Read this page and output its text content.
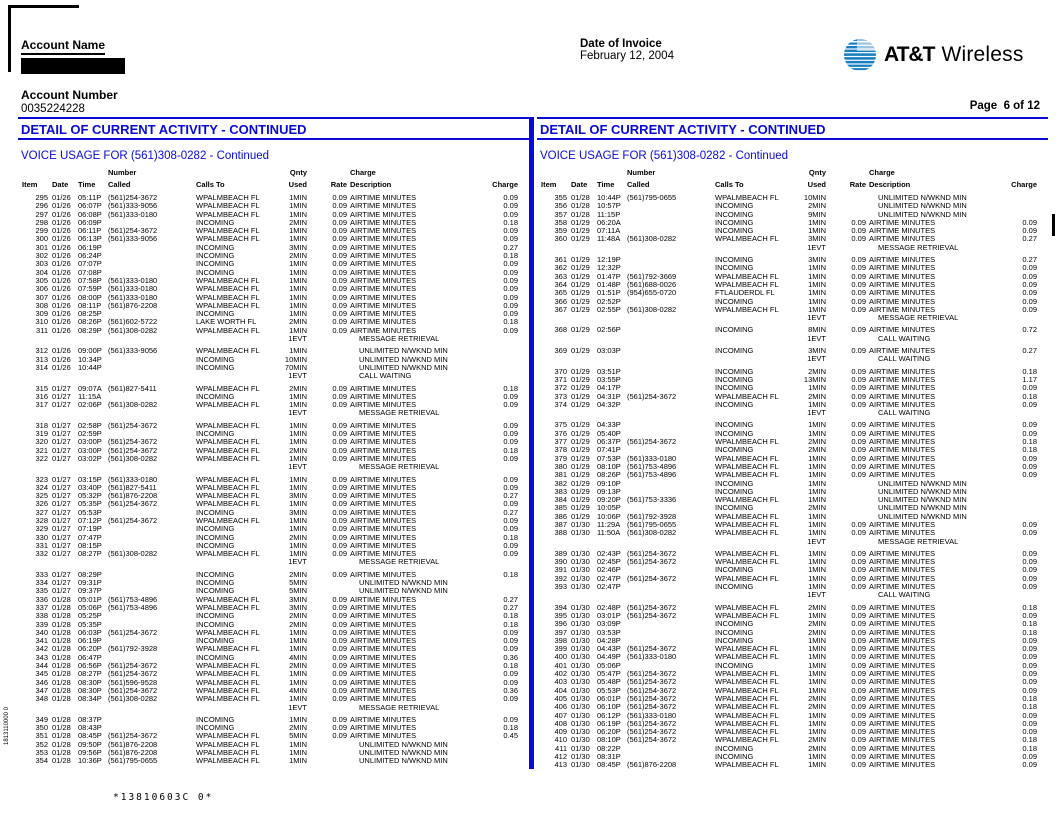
Account Name
Account Number
0035224228
Date of Invoice
February 12, 2004	AT&T Wireless
Page  6 of 12
DETAIL OF CURRENT ACTIVITY - CONTINUED
VOICE USAGE FOR (561)308-0282 - Continued
Number	Qnty	Charge
Item Date Time Called	Calls To	Used	Rate Description	Charge
295 01/26 05:11P (561)254-3672	WPALMBEACH FL	1MIN	0.09 AIRTIME MINUTES	0.09
296 01/26 06:07P (561)333-9056	WPALMBEACH FL	1MIN	0.09 AIRTIME MINUTES	0.09
297 01/26 06:08P (561)333-0180	WPALMBEACH FL	1MIN	0.09 AIRTIME MINUTES	0.09
298 01/26 06:09P	INCOMING	2MIN	0.09 AIRTIME MINUTES	0.18
299 01/26 06:11P (561)254-3672	WPALMBEACH FL	1MIN	0.09 AIRTIME MINUTES	0.09
300 01/26 06:13P (561)333-9056	WPALMBEACH FL	1MIN	0.09 AIRTIME MINUTES	0.09
301 01/26 06:19P	INCOMING	3MIN	0.09 AIRTIME MINUTES	0.27
302 01/26 06:24P	INCOMING	2MIN	0.09 AIRTIME MINUTES	0.18
303 01/26 07:07P	INCOMING	1MIN	0.09 AIRTIME MINUTES	0.09
304 01/26 07:08P	INCOMING	1MIN	0.09 AIRTIME MINUTES	0.09
305 01/26 07:58P (561)333-0180	WPALMBEACH FL	1MIN	0.09 AIRTIME MINUTES	0.09
306 01/26 07:59P (561)333-0180	WPALMBEACH FL	1MIN	0.09 AIRTIME MINUTES	0.09
307 01/26 08:00P (561)333-0180	WPALMBEACH FL	1MIN	0.09 AIRTIME MINUTES	0.09
308 01/26 08:11P (561)876-2208	WPALMBEACH FL	1MIN	0.09 AIRTIME MINUTES	0.09
309 01/26 08:25P	INCOMING	1MIN	0.09 AIRTIME MINUTES	0.09
310 01/26 08:26P (561)602-5722	LAKE WORTH FL	2MIN	0.09 AIRTIME MINUTES	0.18
311 01/26 08:29P (561)308-0282	WPALMBEACH FL	1MIN	0.09 AIRTIME MINUTES	0.09
1EVT	MESSAGE RETRIEVAL
312 01/26 09:00P (561)333-9056	WPALMBEACH FL	1MIN	UNLIMITED N/WKND MIN
313 01/26 10:34P	INCOMING	10MIN	UNLIMITED N/WKND MIN
314 01/26 10:44P	INCOMING	70MIN	UNLIMITED N/WKND MIN
1EVT	CALL WAITING
315 01/27 09:07A (561)827-5411	WPALMBEACH FL	2MIN	0.09 AIRTIME MINUTES	0.18
316 01/27 11:15A	INCOMING	1MIN	0.09 AIRTIME MINUTES	0.09
317 01/27 02:06P (561)308-0282	WPALMBEACH FL	1MIN	0.09 AIRTIME MINUTES	0.09
1EVT	MESSAGE RETRIEVAL
318 01/27 02:58P (561)254-3672	WPALMBEACH FL	1MIN	0.09 AIRTIME MINUTES	0.09
319 01/27 02:59P	INCOMING	1MIN	0.09 AIRTIME MINUTES	0.09
320 01/27 03:00P (561)254-3672	WPALMBEACH FL	1MIN	0.09 AIRTIME MINUTES	0.09
321 01/27 03:00P (561)254-3672	WPALMBEACH FL	2MIN	0.09 AIRTIME MINUTES	0.18
322 01/27 03:02P (561)308-0282	WPALMBEACH FL	1MIN	0.09 AIRTIME MINUTES	0.09
1EVT	MESSAGE RETRIEVAL
323 01/27 03:15P (561)333-0180	WPALMBEACH FL	1MIN	0.09 AIRTIME MINUTES	0.09
324 01/27 03:40P (561)827-5411	WPALMBEACH FL	1MIN	0.09 AIRTIME MINUTES	0.09
325 01/27 05:32P (561)876-2208	WPALMBEACH FL	3MIN	0.09 AIRTIME MINUTES	0.27
326 01/27 05:35P (561)254-3672	WPALMBEACH FL	1MIN	0.09 AIRTIME MINUTES	0.09
327 01/27 05:53P	INCOMING	3MIN	0.09 AIRTIME MINUTES	0.27
328 01/27 07:12P (561)254-3672	WPALMBEACH FL	1MIN	0.09 AIRTIME MINUTES	0.09
329 01/27 07:19P	INCOMING	1MIN	0.09 AIRTIME MINUTES	0.09
330 01/27 07:47P	INCOMING	2MIN	0.09 AIRTIME MINUTES	0.18
331 01/27 08:15P	INCOMING	1MIN	0.09 AIRTIME MINUTES	0.09
332 01/27 08:27P (561)308-0282	WPALMBEACH FL	1MIN	0.09 AIRTIME MINUTES	0.09
1EVT	MESSAGE RETRIEVAL
333 01/27 08:29P	INCOMING	2MIN	0.09 AIRTIME MINUTES	0.18
334 01/27 09:31P	INCOMING	5MIN	UNLIMITED N/WKND MIN
335 01/27 09:37P	INCOMING	5MIN	UNLIMITED N/WKND MIN
336 01/28 05:01P (561)753-4896	WPALMBEACH FL	3MIN	0.09 AIRTIME MINUTES	0.27
337 01/28 05:06P (561)753-4896	WPALMBEACH FL	3MIN	0.09 AIRTIME MINUTES	0.27
338 01/28 05:25P	INCOMING	2MIN	0.09 AIRTIME MINUTES	0.18
339 01/28 05:35P	INCOMING	2MIN	0.09 AIRTIME MINUTES	0.18
340 01/28 06:03P (561)254-3672	WPALMBEACH FL	1MIN	0.09 AIRTIME MINUTES	0.09
341 01/28 06:19P	INCOMING	1MIN	0.09 AIRTIME MINUTES	0.09
342 01/28 06:20P (561)792-3928	WPALMBEACH FL	1MIN	0.09 AIRTIME MINUTES	0.09
343 01/28 06:47P	INCOMING	4MIN	0.09 AIRTIME MINUTES	0.36
344 01/28 06:56P (561)254-3672	WPALMBEACH FL	2MIN	0.09 AIRTIME MINUTES	0.18
345 01/28 08:27P (561)254-3672	WPALMBEACH FL	1MIN	0.09 AIRTIME MINUTES	0.09
346 01/28 08:30P (561)596-9528	WPALMBEACH FL	1MIN	0.09 AIRTIME MINUTES	0.09
347 01/28 08:30P (561)254-3672	WPALMBEACH FL	4MIN	0.09 AIRTIME MINUTES	0.36
348 01/28 08:34P (561)308-0282	WPALMBEACH FL	1MIN	0.09 AIRTIME MINUTES	0.09
1EVT	MESSAGE RETRIEVAL
349 01/28 08:37P	INCOMING	1MIN	0.09 AIRTIME MINUTES	0.09
350 01/28 08:43P	INCOMING	2MIN	0.09 AIRTIME MINUTES	0.18
351 01/28 08:45P (561)254-3672	WPALMBEACH FL	5MIN	0.09 AIRTIME MINUTES	0.45
352 01/28 09:50P (561)876-2208	WPALMBEACH FL	1MIN	UNLIMITED N/WKND MIN
353 01/28 09:56P (561)876-2208	WPALMBEACH FL	1MIN	UNLIMITED N/WKND MIN
354 01/28 10:36P (561)795-0655	WPALMBEACH FL	1MIN	UNLIMITED N/WKND MIN
DETAIL OF CURRENT ACTIVITY - CONTINUED
VOICE USAGE FOR (561)308-0282 - Continued
Number	Qnty	Charge
Item Date Time Called	Calls To	Used	Rate Description	Charge
355 01/28 10:44P (561)795-0655	WPALMBEACH FL	10MIN	UNLIMITED N/WKND MIN
356 01/28 10:57P	INCOMING	2MIN	UNLIMITED N/WKND MIN
357 01/28 11:15P	INCOMING	9MIN	UNLIMITED N/WKND MIN
358 01/29 06:20A	INCOMING	1MIN	0.09 AIRTIME MINUTES	0.09
359 01/29 07:11A	INCOMING	1MIN	0.09 AIRTIME MINUTES	0.09
360 01/29 11:48A (561)308-0282	WPALMBEACH FL	3MIN	0.09 AIRTIME MINUTES	0.27
1EVT	MESSAGE RETRIEVAL
361 01/29 12:19P	INCOMING	3MIN	0.09 AIRTIME MINUTES	0.27
362 01/29 12:32P	INCOMING	1MIN	0.09 AIRTIME MINUTES	0.09
363 01/29 01:47P (561)792-3669	WPALMBEACH FL	1MIN	0.09 AIRTIME MINUTES	0.09
364 01/29 01:48P (561)688-0026	WPALMBEACH FL	1MIN	0.09 AIRTIME MINUTES	0.09
365 01/29 01:51P (954)655-0720	FTLAUDERDL FL	1MIN	0.09 AIRTIME MINUTES	0.09
366 01/29 02:52P	INCOMING	1MIN	0.09 AIRTIME MINUTES	0.09
367 01/29 02:55P (561)308-0282	WPALMBEACH FL	1MIN	0.09 AIRTIME MINUTES	0.09
1EVT	MESSAGE RETRIEVAL
368 01/29 02:56P	INCOMING	8MIN	0.09 AIRTIME MINUTES	0.72
1EVT	CALL WAITING
369 01/29 03:03P	INCOMING	3MIN	0.09 AIRTIME MINUTES	0.27
1EVT	CALL WAITING
370 01/29 03:51P	INCOMING	2MIN	0.09 AIRTIME MINUTES	0.18
371 01/29 03:55P	INCOMING	13MIN	0.09 AIRTIME MINUTES	1.17
372 01/29 04:17P	INCOMING	1MIN	0.09 AIRTIME MINUTES	0.09
373 01/29 04:31P (561)254-3672	WPALMBEACH FL	2MIN	0.09 AIRTIME MINUTES	0.18
374 01/29 04:32P	INCOMING	1MIN	0.09 AIRTIME MINUTES	0.09
1EVT	CALL WAITING
375 01/29 04:33P	INCOMING	1MIN	0.09 AIRTIME MINUTES	0.09
376 01/29 05:40P	INCOMING	1MIN	0.09 AIRTIME MINUTES	0.09
377 01/29 06:37P (561)254-3672	WPALMBEACH FL	2MIN	0.09 AIRTIME MINUTES	0.18
378 01/29 07:41P	INCOMING	2MIN	0.09 AIRTIME MINUTES	0.18
379 01/29 07:53P (561)333-0180	WPALMBEACH FL	1MIN	0.09 AIRTIME MINUTES	0.09
380 01/29 08:10P (561)753-4896	WPALMBEACH FL	1MIN	0.09 AIRTIME MINUTES	0.09
381 01/29 08:26P (561)753-4896	WPALMBEACH FL	1MIN	0.09 AIRTIME MINUTES	0.09
382 01/29 09:10P	INCOMING	1MIN	UNLIMITED N/WKND MIN
383 01/29 09:13P	INCOMING	1MIN	UNLIMITED N/WKND MIN
384 01/29 09:20P (561)753-3336	WPALMBEACH FL	1MIN	UNLIMITED N/WKND MIN
385 01/29 10:05P	INCOMING	2MIN	UNLIMITED N/WKND MIN
386 01/29 10:06P (561)792-3928	WPALMBEACH FL	1MIN	UNLIMITED N/WKND MIN
387 01/30 11:29A (561)795-0655	WPALMBEACH FL	1MIN	0.09 AIRTIME MINUTES	0.09
388 01/30 11:50A (561)308-0282	WPALMBEACH FL	1MIN	0.09 AIRTIME MINUTES	0.09
1EVT	MESSAGE RETRIEVAL
389 01/30 02:43P (561)254-3672	WPALMBEACH FL	1MIN	0.09 AIRTIME MINUTES	0.09
390 01/30 02:45P (561)254-3672	WPALMBEACH FL	1MIN	0.09 AIRTIME MINUTES	0.09
391 01/30 02:46P	INCOMING	1MIN	0.09 AIRTIME MINUTES	0.09
392 01/30 02:47P (561)254-3672	WPALMBEACH FL	1MIN	0.09 AIRTIME MINUTES	0.09
393 01/30 02:47P	INCOMING	1MIN	0.09 AIRTIME MINUTES	0.09
1EVT	CALL WAITING
394 01/30 02:48P (561)254-3672	WPALMBEACH FL	2MIN	0.09 AIRTIME MINUTES	0.18
395 01/30 03:01P (561)254-3672	WPALMBEACH FL	1MIN	0.09 AIRTIME MINUTES	0.09
396 01/30 03:09P	INCOMING	2MIN	0.09 AIRTIME MINUTES	0.18
397 01/30 03:53P	INCOMING	2MIN	0.09 AIRTIME MINUTES	0.18
398 01/30 04:28P	INCOMING	1MIN	0.09 AIRTIME MINUTES	0.09
399 01/30 04:43P (561)254-3672	WPALMBEACH FL	1MIN	0.09 AIRTIME MINUTES	0.09
400 01/30 04:49P (561)333-0180	WPALMBEACH FL	1MIN	0.09 AIRTIME MINUTES	0.09
401 01/30 05:06P	INCOMING	1MIN	0.09 AIRTIME MINUTES	0.09
402 01/30 05:47P (561)254-3672	WPALMBEACH FL	1MIN	0.09 AIRTIME MINUTES	0.09
403 01/30 05:48P (561)254-3672	WPALMBEACH FL	1MIN	0.09 AIRTIME MINUTES	0.09
404 01/30 05:53P (561)254-3672	WPALMBEACH FL	1MIN	0.09 AIRTIME MINUTES	0.09
405 01/30 06:01P (561)254-3672	WPALMBEACH FL	2MIN	0.09 AIRTIME MINUTES	0.18
406 01/30 06:10P (561)254-3672	WPALMBEACH FL	2MIN	0.09 AIRTIME MINUTES	0.18
407 01/30 06:12P (561)333-0180	WPALMBEACH FL	1MIN	0.09 AIRTIME MINUTES	0.09
408 01/30 06:19P (561)254-3672	WPALMBEACH FL	1MIN	0.09 AIRTIME MINUTES	0.09
409 01/30 06:20P (561)254-3672	WPALMBEACH FL	1MIN	0.09 AIRTIME MINUTES	0.09
410 01/30 08:10P (561)254-3672	WPALMBEACH FL	2MIN	0.09 AIRTIME MINUTES	0.18
411 01/30 08:22P	INCOMING	2MIN	0.09 AIRTIME MINUTES	0.18
412 01/30 08:31P	INCOMING	1MIN	0.09 AIRTIME MINUTES	0.09
413 01/30 08:45P (561)876-2208	WPALMBEACH FL	1MIN	0.09 AIRTIME MINUTES	0.09
1813110000 0
*13810603C 0*
